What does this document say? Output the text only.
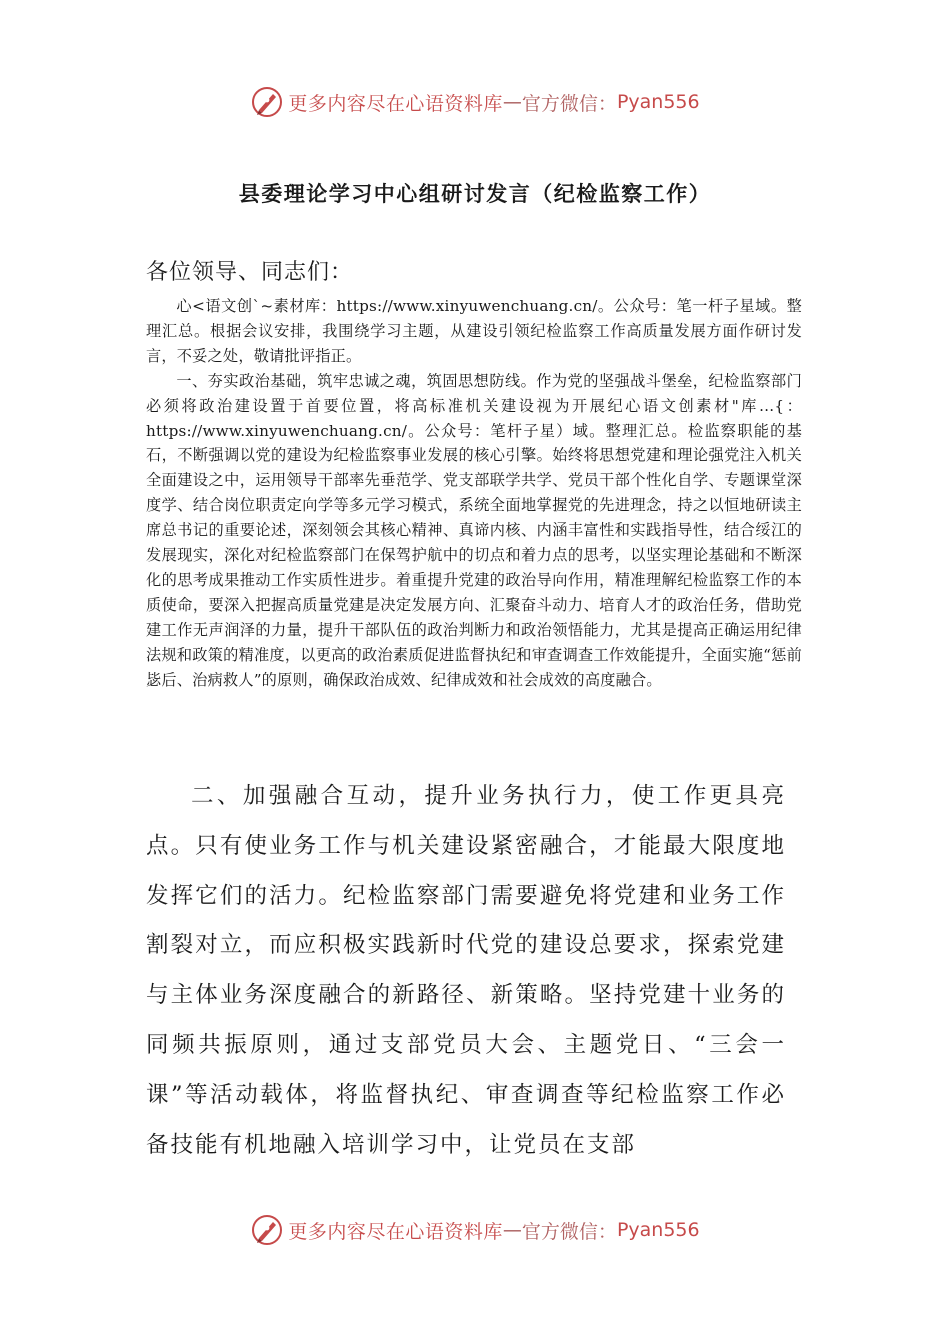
更多内容尽在心语资料库 — 官方微信： Pyan556
县委理论学习中心组研讨发言（纪检监察工作）
各位领导、同志们：

心<语文创`~素材库：https://www.xinyuwenchuang.cn/。公众号：笔一杆子星域。整理汇总。根据会议安排，我围绕学习主题，从建设引领纪检监察工作高质量发展方面作研讨发言，不妥之处，敬请批评指正。

一、夯实政治基础，筑牢忠诚之魂，筑固思想防线。作为党的坚强战斗堡垒，纪检监察部门必须将政治建设置于首要位置，将高标准机关建设视为开展纪心语文创素材"库…{：https://www.xinyuwenchuang.cn/。公众号：笔杆子星）域。整理汇总。检监察职能的基石，不断强调以党的建设为纪检监察事业发展的核心引擎。始终将思想党建和理论强党注入机关全面建设之中，运用领导干部率先垂范学、党支部联学共学、党员干部个性化自学、专题课堂深度学、结合岗位职责定向学等多元学习模式，系统全面地掌握党的先进理念，持之以恒地研读主席总书记的重要论述，深刻领会其核心精神、真谛内核、内涵丰富性和实践指导性，结合绥江的发展现实，深化对纪检监察部门在保驾护航中的切点和着力点的思考，以坚实理论基础和不断深化的思考成果推动工作实质性进步。着重提升党建的政治导向作用，精准理解纪检监察工作的本质使命，要深入把握高质量党建是决定发展方向、汇聚奋斗动力、培育人才的政治任务，借助党建工作无声润泽的力量，提升干部队伍的政治判断力和政治领悟能力，尤其是提高正确运用纪律法规和政策的精准度，以更高的政治素质促进监督执纪和审查调查工作效能提升，全面实施“惩前毖后、治病救人”的原则，确保政治成效、纪律成效和社会成效的高度融合。

二、加强融合互动，提升业务执行力，使工作更具亮点。只有使业务工作与机关建设紧密融合，才能最大限度地发挥它们的活力。纪检监察部门需要避免将党建和业务工作割裂对立，而应积极实践新时代党的建设总要求，探索党建与主体业务深度融合的新路径、新策略。坚持党建十业务的同频共振原则，通过支部党员大会、主题党日、“三会一课”等活动载体，将监督执纪、审查调查等纪检监察工作必备技能有机地融入培训学习中，让党员在支部

更多内容尽在心语资料库 — 官方微信： Pyan556
